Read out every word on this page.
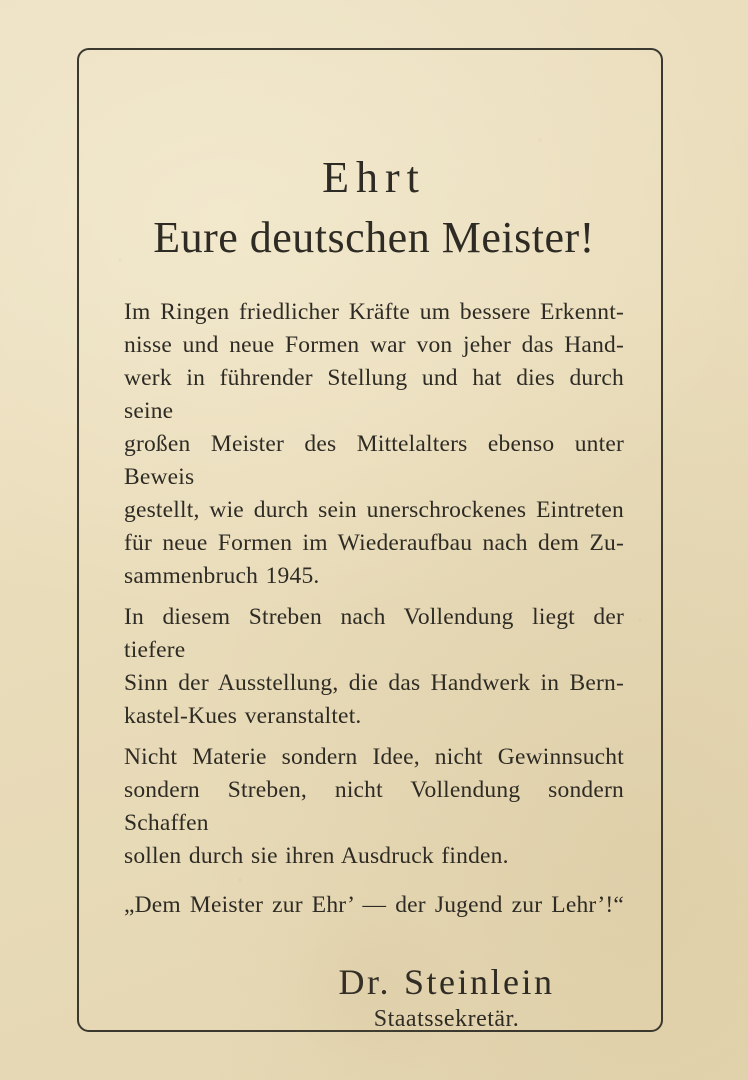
Ehrt
Eure deutschen Meister!
Im Ringen friedlicher Kräfte um bessere Erkennt-
nisse und neue Formen war von jeher das Hand-
werk in führender Stellung und hat dies durch seine
großen Meister des Mittelalters ebenso unter Beweis
gestellt, wie durch sein unerschrockenes Eintreten
für neue Formen im Wiederaufbau nach dem Zu-
sammenbruch 1945.
In diesem Streben nach Vollendung liegt der tiefere
Sinn der Ausstellung, die das Handwerk in Bern-
kastel-Kues veranstaltet.
Nicht Materie sondern Idee, nicht Gewinnsucht
sondern Streben, nicht Vollendung sondern Schaffen
sollen durch sie ihren Ausdruck finden.
„Dem Meister zur Ehr’ — der Jugend zur Lehr’!“
Dr. Steinlein
Staatssekretär.
